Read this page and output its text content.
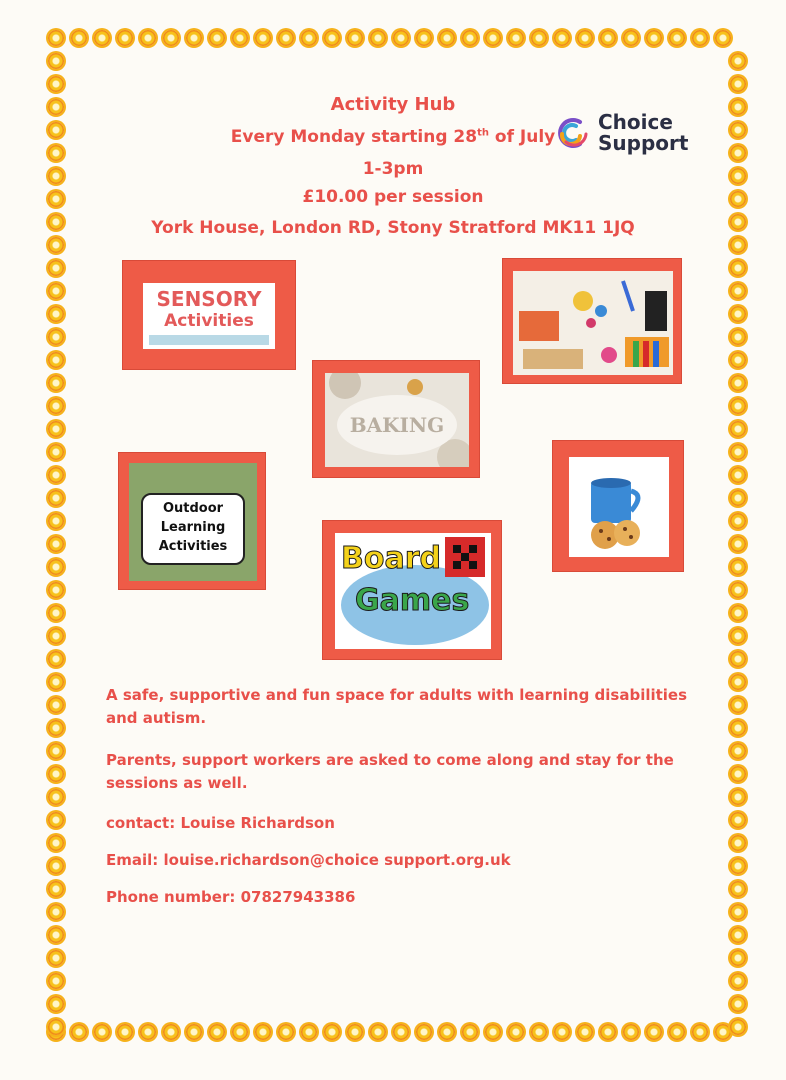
Activity Hub
Every Monday starting 28th of July
1-3pm
£10.00 per session
York House, London RD, Stony Stratford MK11 1JQ
Choice
Support
SENSORY
Activities
BAKING
Outdoor
Learning
Activities	Board
Games
A safe, supportive and fun space for adults with learning disabilities and autism.
Parents, support workers are asked to come along and stay for the sessions as well.
contact: Louise Richardson
Email: louise.richardson@choice support.org.uk
Phone number: 07827943386
